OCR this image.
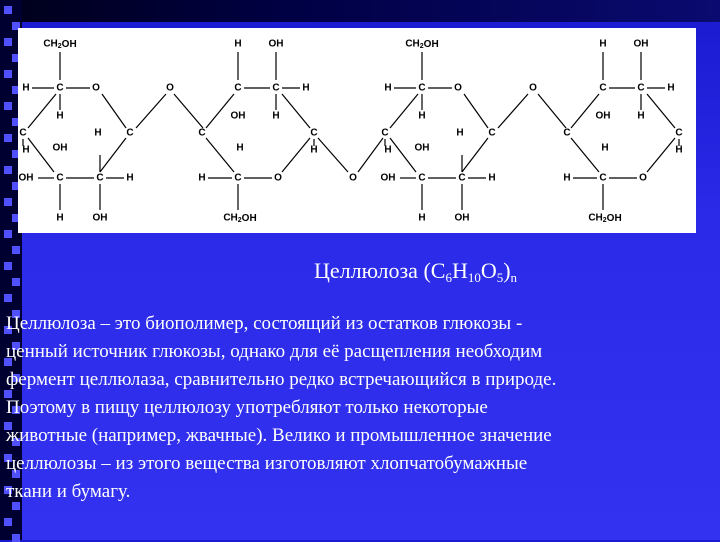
$CH_2OH$
H	C	O
H
C	C
H
OH
H
OH C	C H
H	OH
O
H	OH
C	C H
H
OH
C	C
H	H
H	C	O
$CH_2OH$
O
$CH_2OH$
H	C	O
H
C	C
H
OH
H
OH C	C H
H	OH
O
H	OH
C	C H
H
OH
C	C
H	H
H	C	O
$CH_2OH$
Целлюлоза $(C_6H_{10}O_5)_n$

Целлюлоза – это биополимер, состоящий из остатков глюкозы -
ценный источник глюкозы, однако для её расщепления необходим
фермент целлюлаза, сравнительно редко встречающийся в природе.
Поэтому в пищу целлюлозу употребляют только некоторые
животные (например, жвачные). Велико и промышленное значение
целлюлозы – из этого вещества изготовляют хлопчатобумажные
ткани и бумагу.
